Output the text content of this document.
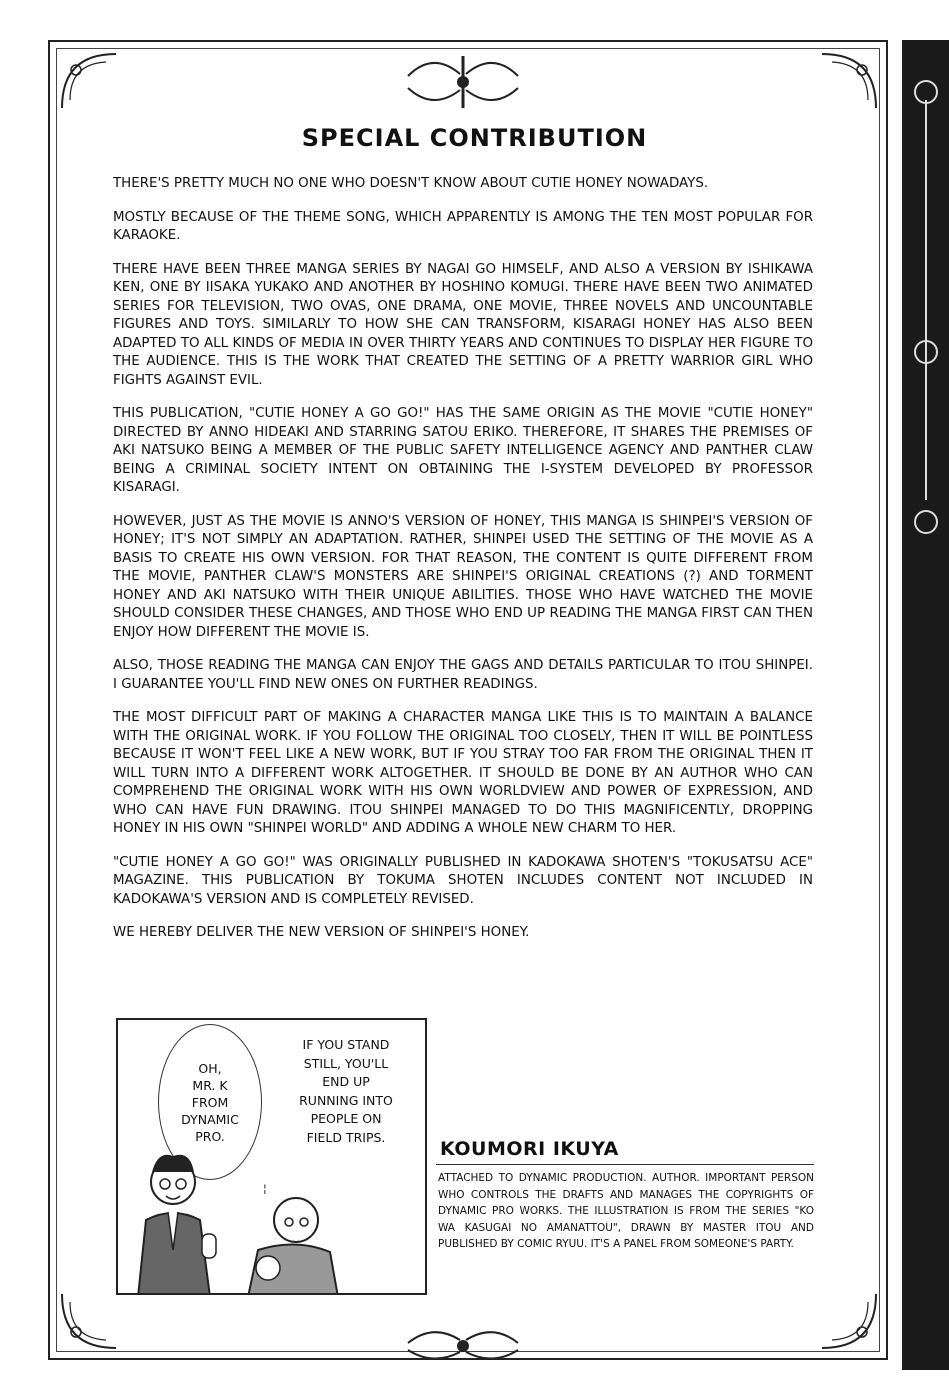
SPECIAL CONTRIBUTION

THERE'S PRETTY MUCH NO ONE WHO DOESN'T KNOW ABOUT CUTIE HONEY NOWADAYS.

MOSTLY BECAUSE OF THE THEME SONG, WHICH APPARENTLY IS AMONG THE TEN MOST POPULAR FOR KARAOKE.

THERE HAVE BEEN THREE MANGA SERIES BY NAGAI GO HIMSELF, AND ALSO A VERSION BY ISHIKAWA KEN, ONE BY IISAKA YUKAKO AND ANOTHER BY HOSHINO KOMUGI. THERE HAVE BEEN TWO ANIMATED SERIES FOR TELEVISION, TWO OVAS, ONE DRAMA, ONE MOVIE, THREE NOVELS AND UNCOUNTABLE FIGURES AND TOYS. SIMILARLY TO HOW SHE CAN TRANSFORM, KISARAGI HONEY HAS ALSO BEEN ADAPTED TO ALL KINDS OF MEDIA IN OVER THIRTY YEARS AND CONTINUES TO DISPLAY HER FIGURE TO THE AUDIENCE. THIS IS THE WORK THAT CREATED THE SETTING OF A PRETTY WARRIOR GIRL WHO FIGHTS AGAINST EVIL.

THIS PUBLICATION, "CUTIE HONEY A GO GO!" HAS THE SAME ORIGIN AS THE MOVIE "CUTIE HONEY" DIRECTED BY ANNO HIDEAKI AND STARRING SATOU ERIKO. THEREFORE, IT SHARES THE PREMISES OF AKI NATSUKO BEING A MEMBER OF THE PUBLIC SAFETY INTELLIGENCE AGENCY AND PANTHER CLAW BEING A CRIMINAL SOCIETY INTENT ON OBTAINING THE I-SYSTEM DEVELOPED BY PROFESSOR KISARAGI.

HOWEVER, JUST AS THE MOVIE IS ANNO'S VERSION OF HONEY, THIS MANGA IS SHINPEI'S VERSION OF HONEY; IT'S NOT SIMPLY AN ADAPTATION. RATHER, SHINPEI USED THE SETTING OF THE MOVIE AS A BASIS TO CREATE HIS OWN VERSION. FOR THAT REASON, THE CONTENT IS QUITE DIFFERENT FROM THE MOVIE, PANTHER CLAW'S MONSTERS ARE SHINPEI'S ORIGINAL CREATIONS (?) AND TORMENT HONEY AND AKI NATSUKO WITH THEIR UNIQUE ABILITIES. THOSE WHO HAVE WATCHED THE MOVIE SHOULD CONSIDER THESE CHANGES, AND THOSE WHO END UP READING THE MANGA FIRST CAN THEN ENJOY HOW DIFFERENT THE MOVIE IS.

ALSO, THOSE READING THE MANGA CAN ENJOY THE GAGS AND DETAILS PARTICULAR TO ITOU SHINPEI. I GUARANTEE YOU'LL FIND NEW ONES ON FURTHER READINGS.

THE MOST DIFFICULT PART OF MAKING A CHARACTER MANGA LIKE THIS IS TO MAINTAIN A BALANCE WITH THE ORIGINAL WORK. IF YOU FOLLOW THE ORIGINAL TOO CLOSELY, THEN IT WILL BE POINTLESS BECAUSE IT WON'T FEEL LIKE A NEW WORK, BUT IF YOU STRAY TOO FAR FROM THE ORIGINAL THEN IT WILL TURN INTO A DIFFERENT WORK ALTOGETHER. IT SHOULD BE DONE BY AN AUTHOR WHO CAN COMPREHEND THE ORIGINAL WORK WITH HIS OWN WORLDVIEW AND POWER OF EXPRESSION, AND WHO CAN HAVE FUN DRAWING. ITOU SHINPEI MANAGED TO DO THIS MAGNIFICENTLY, DROPPING HONEY IN HIS OWN "SHINPEI WORLD" AND ADDING A WHOLE NEW CHARM TO HER.

"CUTIE HONEY A GO GO!" WAS ORIGINALLY PUBLISHED IN KADOKAWA SHOTEN'S "TOKUSATSU ACE" MAGAZINE. THIS PUBLICATION BY TOKUMA SHOTEN INCLUDES CONTENT NOT INCLUDED IN KADOKAWA'S VERSION AND IS COMPLETELY REVISED.

WE HEREBY DELIVER THE NEW VERSION OF SHINPEI'S HONEY.

OH,
MR. K
FROM
DYNAMIC
PRO.
IF YOU STAND
STILL, YOU'LL
END UP
RUNNING INTO
PEOPLE ON
FIELD TRIPS.
¦
KOUMORI IKUYA
ATTACHED TO DYNAMIC PRODUCTION. AUTHOR. IMPORTANT PERSON WHO CONTROLS THE DRAFTS AND MANAGES THE COPYRIGHTS OF DYNAMIC PRO WORKS. THE ILLUSTRATION IS FROM THE SERIES "KO WA KASUGAI NO AMANATTOU", DRAWN BY MASTER ITOU AND PUBLISHED BY COMIC RYUU. IT'S A PANEL FROM SOMEONE'S PARTY.
